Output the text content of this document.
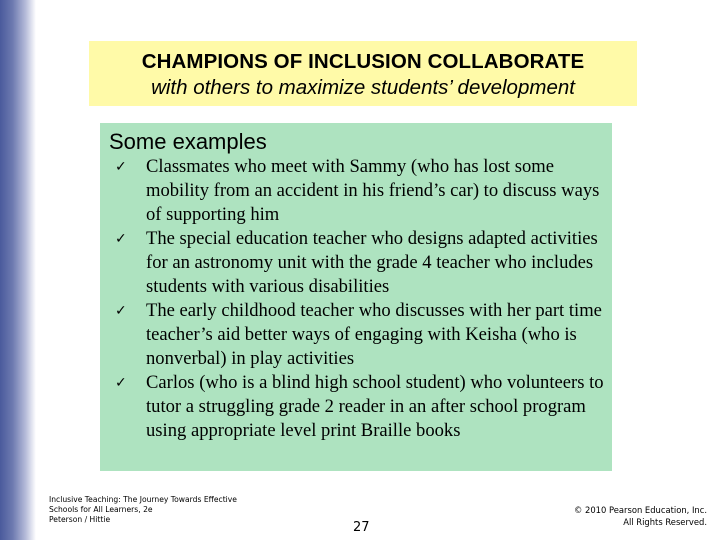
CHAMPIONS OF INCLUSION COLLABORATE
with others to maximize students’ development
Some examples
✓ Classmates who meet with Sammy (who has lost some mobility from an accident in his friend’s car) to discuss ways of supporting him
✓ The special education teacher who designs adapted activities for an astronomy unit with the grade 4 teacher who includes students with various disabilities
✓ The early childhood teacher who discusses with her part time teacher’s aid better ways of engaging with Keisha (who is nonverbal) in play activities
✓ Carlos (who is a blind high school student) who volunteers to tutor a struggling grade 2 reader in an after school program using appropriate level print Braille books
Inclusive Teaching: The Journey Towards Effective
Schools for All Learners, 2e
Peterson / Hittie
27
© 2010 Pearson Education, Inc.
All Rights Reserved.
